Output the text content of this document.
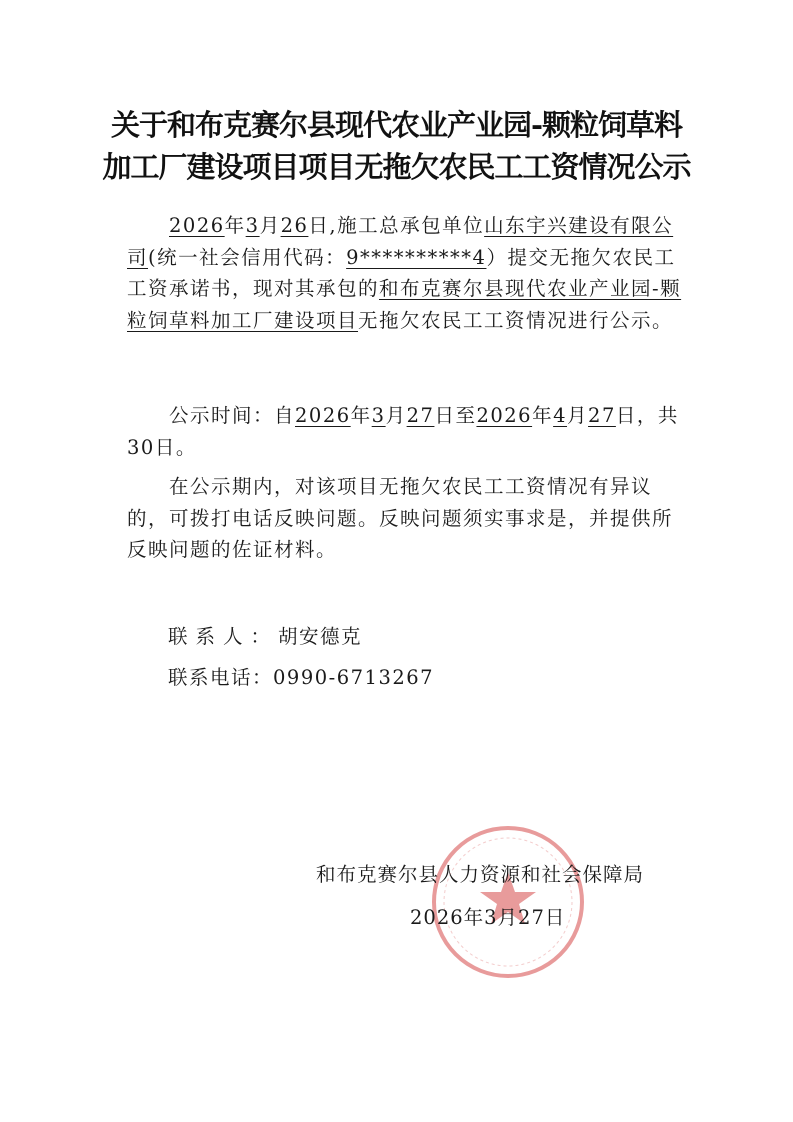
关于和布克赛尔县现代农业产业园-颗粒饲草料
加工厂建设项目项目无拖欠农民工工资情况公示
2026年3月26日,施工总承包单位山东宇兴建设有限公司(统一社会信用代码：9**********4）提交无拖欠农民工工资承诺书，现对其承包的和布克赛尔县现代农业产业园-颗粒饲草料加工厂建设项目无拖欠农民工工资情况进行公示。
公示时间：自2026年3月27日至2026年4月27日，共30日。
在公示期内，对该项目无拖欠农民工工资情况有异议的，可拨打电话反映问题。反映问题须实事求是，并提供所反映问题的佐证材料。
联系人：胡安德克
联系电话：0990-6713267
和布克赛尔县人力资源和社会保障局
2026年3月27日
